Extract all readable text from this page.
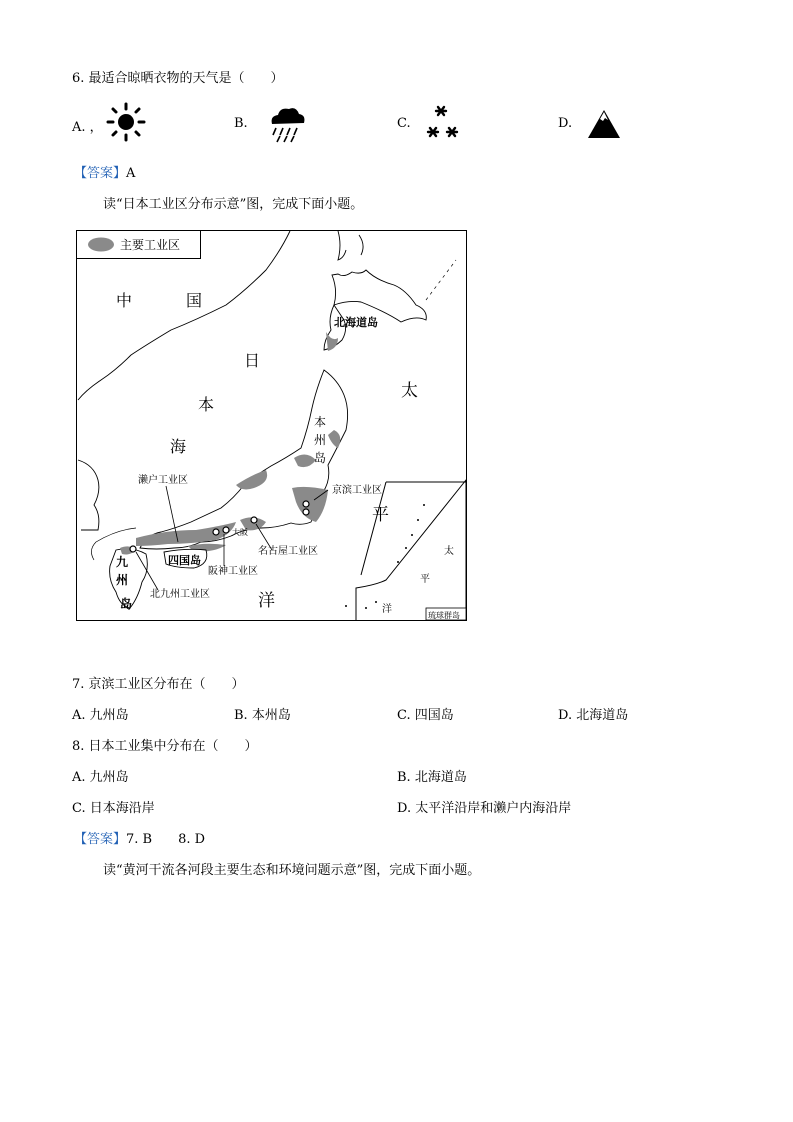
6. 最适合晾晒衣物的天气是（　　）
A. ，	B.	C.	D.
【答案】A
读“日本工业区分布示意”图，完成下面小题。
主要工业区
中	国
日
本
海
太
平
洋
北海道岛
本
州
岛
京滨工业区
濑户工业区
名古屋工业区
阪神工业区
北九州工业区
四国岛
大阪
九
州
岛
琉球群岛
太
平
洋
7. 京滨工业区分布在（　　）
A. 九州岛	B. 本州岛	C. 四国岛	D. 北海道岛
8. 日本工业集中分布在（　　）
A. 九州岛	B. 北海道岛
C. 日本海沿岸	D. 太平洋沿岸和濑户内海沿岸
【答案】7. B　　8. D
读“黄河干流各河段主要生态和环境问题示意”图，完成下面小题。
